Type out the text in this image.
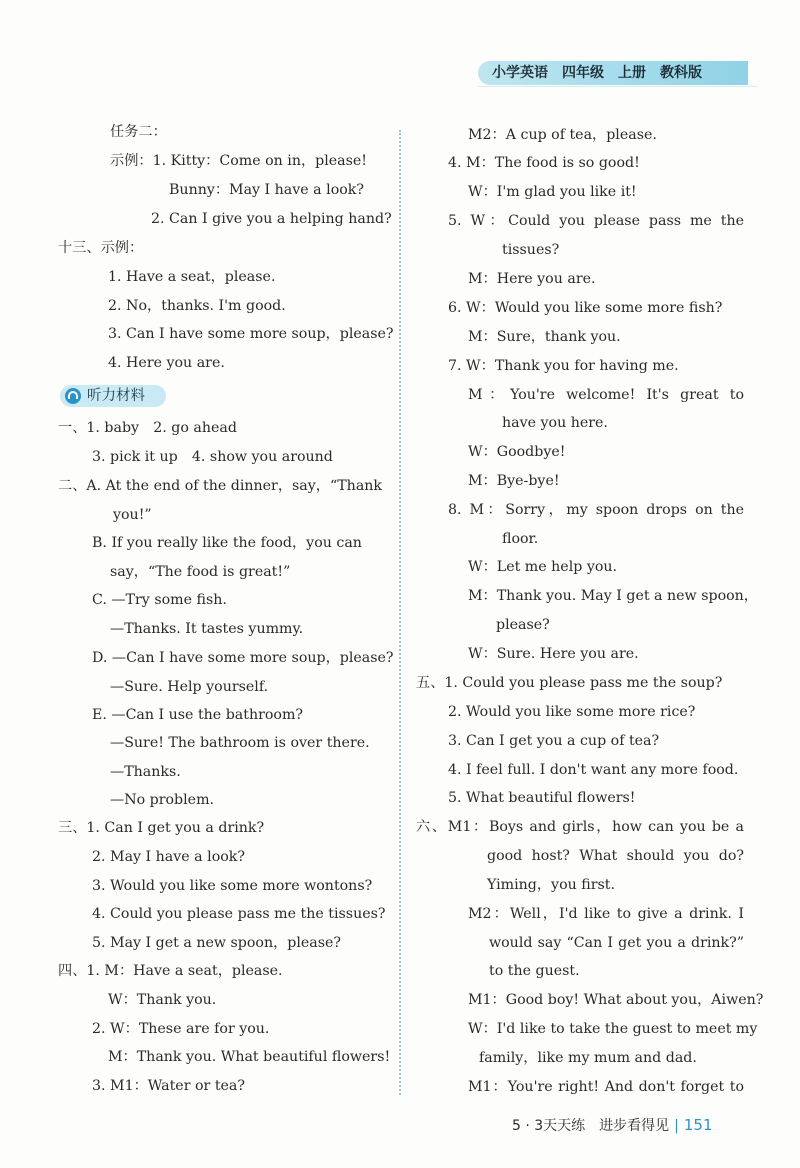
小学英语　四年级　上册　教科版
任务二：
示例：1. Kitty：Come on in，please!
Bunny：May I have a look?
2. Can I give you a helping hand?
十三、示例：
1. Have a seat，please.
2. No，thanks. I'm good.
3. Can I have some more soup，please?
4. Here you are.
听力材料
一、1. baby　2. go ahead
3. pick it up　4. show you around
二、A. At the end of the dinner，say，“Thank
you!”
B. If you really like the food，you can
say，“The food is great!”
C. —Try some fish.
—Thanks. It tastes yummy.
D. —Can I have some more soup，please?
—Sure. Help yourself.
E. —Can I use the bathroom?
—Sure! The bathroom is over there.
—Thanks.
—No problem.
三、1. Can I get you a drink?
2. May I have a look?
3. Would you like some more wontons?
4. Could you please pass me the tissues?
5. May I get a new spoon，please?
四、1. M：Have a seat，please.
W：Thank you.
2. W：These are for you.
M：Thank you. What beautiful flowers!
3. M1：Water or tea?
M2：A cup of tea，please.
4. M：The food is so good!
W：I'm glad you like it!
5. W：Could you please pass me the
tissues?
M：Here you are.
6. W：Would you like some more fish?
M：Sure，thank you.
7. W：Thank you for having me.
M：You're welcome! It's great to
have you here.
W：Goodbye!
M：Bye-bye!
8. M：Sorry，my spoon drops on the
floor.
W：Let me help you.
M：Thank you. May I get a new spoon，
please?
W：Sure. Here you are.
五、1. Could you please pass me the soup?
2. Would you like some more rice?
3. Can I get you a cup of tea?
4. I feel full. I don't want any more food.
5. What beautiful flowers!
六、M1：Boys and girls，how can you be a
good host? What should you do?
Yiming，you first.
M2：Well，I'd like to give a drink. I
would say “Can I get you a drink?”
to the guest.
M1：Good boy! What about you，Aiwen?
W：I'd like to take the guest to meet my
family，like my mum and dad.
M1：You're right! And don't forget to
5 · 3天天练　进步看得见 | 151
